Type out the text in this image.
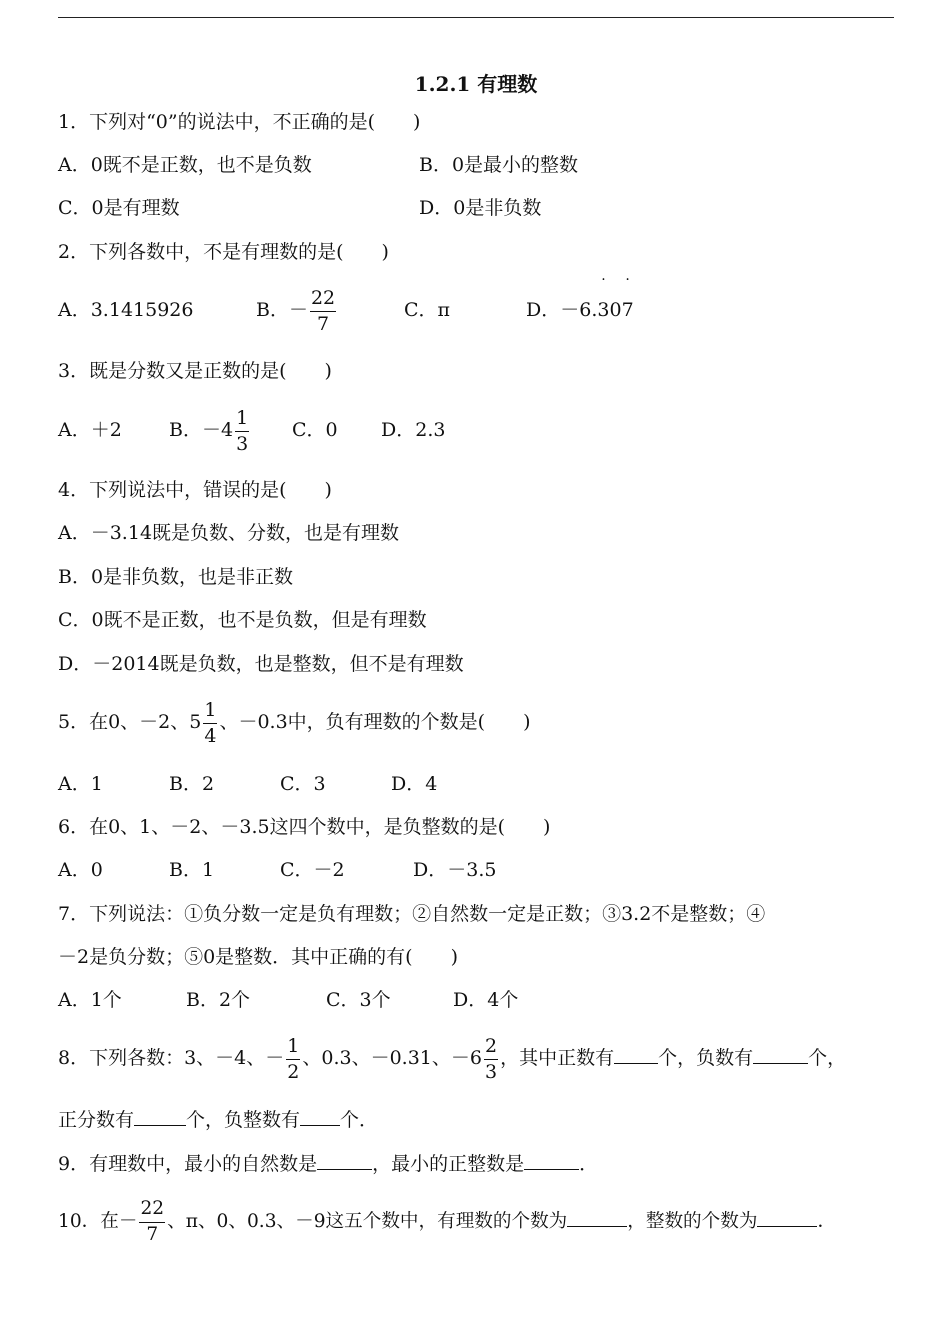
1.2.1 有理数
1．下列对“0”的说法中，不正确的是(　　)
A．0既不是正数，也不是负数	B．0是最小的整数
C．0是有理数	D．0是非负数
2．下列各数中，不是有理数的是(　　)
A．3.1415926	B．－ $\frac{22}{7}$	C．π	D．－6.3
·
07
·
3．既是分数又是正数的是(　　)
A．＋2 B．$-4 \frac{1}{3}$ C．0 D．2.3
4．下列说法中，错误的是(　　)
A．－3.14既是负数、分数，也是有理数
B．0是非负数，也是非正数
C．0既不是正数，也不是负数，但是有理数
D．－2014既是负数，也是整数，但不是有理数
5．在0、－2、$5 \frac{1}{4}$ 、－0.3中，负有理数的个数是(　　)
A．1	B．2	C．3	D．4
6．在0、1、－2、－3.5这四个数中，是负整数的是(　　)
A．0	B．1	C．－2	D．－3.5
7．下列说法：①负分数一定是负有理数；②自然数一定是正数；③3.2不是整数；④
－2是负分数；⑤0是整数．其中正确的有(　　)
A．1个	B．2个	C．3个	D．4个
8．下列各数：3、－4、－ $\frac{1}{2}$ 、0.3、－0.31、$-6 \frac{2}{3}$ ，其中正数有 个，负数有	个，
正分数有	个，负整数有 个．
9．有理数中，最小的自然数是	，最小的正整数是	．
10．在－ $\frac{22}{7}$ 、π、0、0.3、－9这五个数中，有理数的个数为	，整数的个数为	．
